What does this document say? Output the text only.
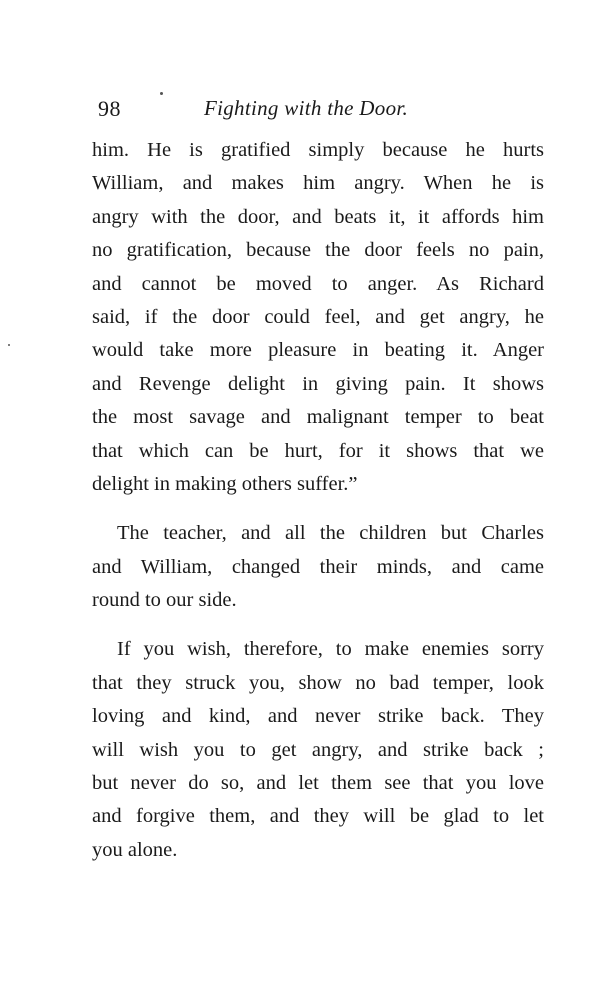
98	Fighting with the Door.

him. He is gratified simply because he hurts
William, and makes him angry. When he is
angry with the door, and beats it, it affords him
no gratification, because the door feels no pain,
and cannot be moved to anger. As Richard
said, if the door could feel, and get angry, he
would take more pleasure in beating it. Anger
and Revenge delight in giving pain. It shows
the most savage and malignant temper to beat
that which can be hurt, for it shows that we
delight in making others suffer.”

The teacher, and all the children but Charles
and William, changed their minds, and came
round to our side.

If you wish, therefore, to make enemies sorry
that they struck you, show no bad temper, look
loving and kind, and never strike back. They
will wish you to get angry, and strike back ;
but never do so, and let them see that you love
and forgive them, and they will be glad to let
you alone.
